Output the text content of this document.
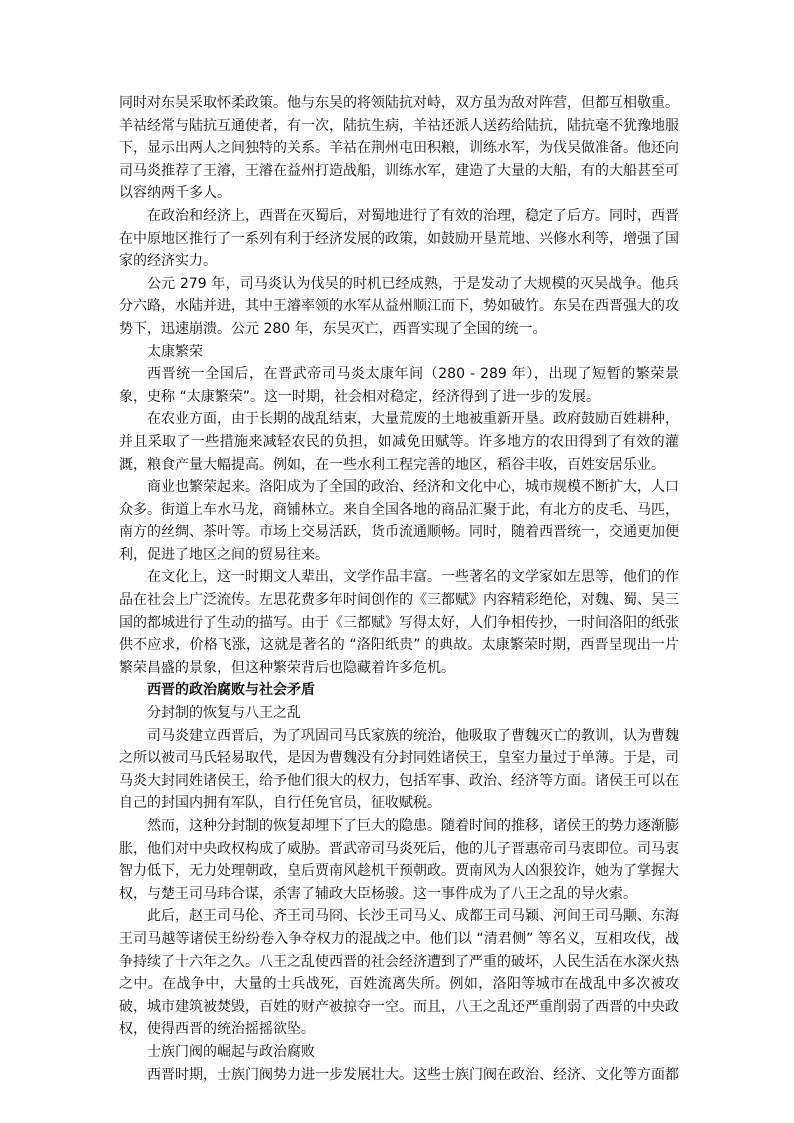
同时对东吴采取怀柔政策。他与东吴的将领陆抗对峙，双方虽为敌对阵营，但都互相敬重。羊祜经常与陆抗互通使者，有一次，陆抗生病，羊祜还派人送药给陆抗，陆抗毫不犹豫地服下，显示出两人之间独特的关系。羊祜在荆州屯田积粮，训练水军，为伐吴做准备。他还向司马炎推荐了王濬，王濬在益州打造战船，训练水军，建造了大量的大船，有的大船甚至可以容纳两千多人。

在政治和经济上，西晋在灭蜀后，对蜀地进行了有效的治理，稳定了后方。同时，西晋在中原地区推行了一系列有利于经济发展的政策，如鼓励开垦荒地、兴修水利等，增强了国家的经济实力。

公元 279 年，司马炎认为伐吴的时机已经成熟，于是发动了大规模的灭吴战争。他兵分六路，水陆并进，其中王濬率领的水军从益州顺江而下，势如破竹。东吴在西晋强大的攻势下，迅速崩溃。公元 280 年，东吴灭亡，西晋实现了全国的统一。

太康繁荣

西晋统一全国后，在晋武帝司马炎太康年间（280 - 289 年），出现了短暂的繁荣景象，史称 “太康繁荣”。这一时期，社会相对稳定，经济得到了进一步的发展。

在农业方面，由于长期的战乱结束，大量荒废的土地被重新开垦。政府鼓励百姓耕种，并且采取了一些措施来减轻农民的负担，如减免田赋等。许多地方的农田得到了有效的灌溉，粮食产量大幅提高。例如，在一些水利工程完善的地区，稻谷丰收，百姓安居乐业。

商业也繁荣起来。洛阳成为了全国的政治、经济和文化中心，城市规模不断扩大，人口众多。街道上车水马龙，商铺林立。来自全国各地的商品汇聚于此，有北方的皮毛、马匹，南方的丝绸、茶叶等。市场上交易活跃，货币流通顺畅。同时，随着西晋统一，交通更加便利，促进了地区之间的贸易往来。

在文化上，这一时期文人辈出，文学作品丰富。一些著名的文学家如左思等，他们的作品在社会上广泛流传。左思花费多年时间创作的《三都赋》内容精彩绝伦，对魏、蜀、吴三国的都城进行了生动的描写。由于《三都赋》写得太好，人们争相传抄，一时间洛阳的纸张供不应求，价格飞涨，这就是著名的 “洛阳纸贵” 的典故。太康繁荣时期，西晋呈现出一片繁荣昌盛的景象，但这种繁荣背后也隐藏着许多危机。

西晋的政治腐败与社会矛盾

分封制的恢复与八王之乱

司马炎建立西晋后，为了巩固司马氏家族的统治，他吸取了曹魏灭亡的教训，认为曹魏之所以被司马氏轻易取代，是因为曹魏没有分封同姓诸侯王，皇室力量过于单薄。于是，司马炎大封同姓诸侯王，给予他们很大的权力，包括军事、政治、经济等方面。诸侯王可以在自己的封国内拥有军队，自行任免官员，征收赋税。

然而，这种分封制的恢复却埋下了巨大的隐患。随着时间的推移，诸侯王的势力逐渐膨胀，他们对中央政权构成了威胁。晋武帝司马炎死后，他的儿子晋惠帝司马衷即位。司马衷智力低下，无力处理朝政，皇后贾南风趁机干预朝政。贾南风为人凶狠狡诈，她为了掌握大权，与楚王司马玮合谋，杀害了辅政大臣杨骏。这一事件成为了八王之乱的导火索。

此后，赵王司马伦、齐王司马冏、长沙王司马乂、成都王司马颖、河间王司马颙、东海王司马越等诸侯王纷纷卷入争夺权力的混战之中。他们以 “清君侧” 等名义，互相攻伐，战争持续了十六年之久。八王之乱使西晋的社会经济遭到了严重的破坏，人民生活在水深火热之中。在战争中，大量的士兵战死，百姓流离失所。例如，洛阳等城市在战乱中多次被攻破，城市建筑被焚毁，百姓的财产被掠夺一空。而且，八王之乱还严重削弱了西晋的中央政权，使得西晋的统治摇摇欲坠。

士族门阀的崛起与政治腐败

西晋时期，士族门阀势力进一步发展壮大。这些士族门阀在政治、经济、文化等方面都
